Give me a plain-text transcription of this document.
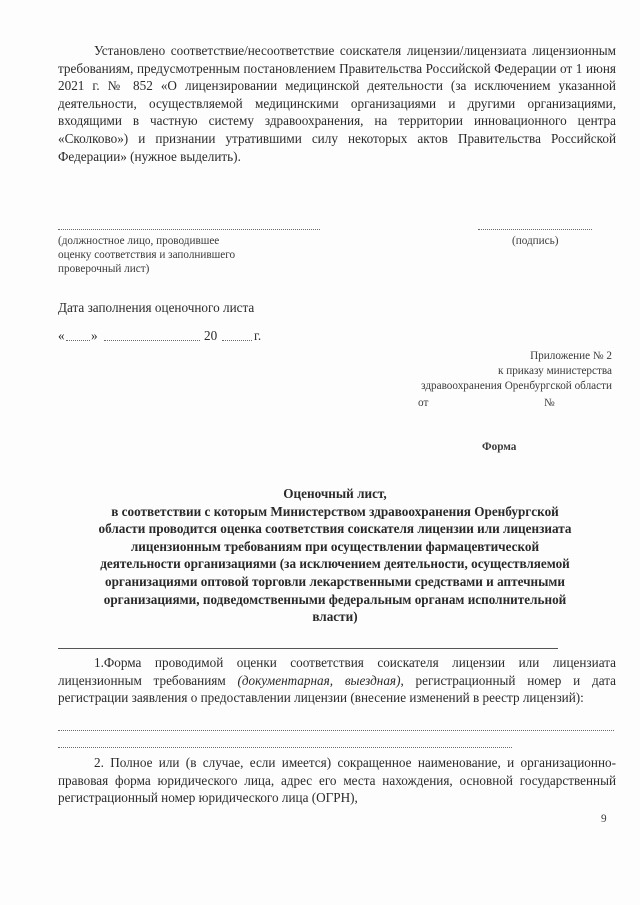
Установлено соответствие/несоответствие соискателя лицензии/лицензиата лицензионным требованиям, предусмотренным постановлением Правительства Российской Федерации от 1 июня 2021 г. № 852 «О лицензировании медицинской деятельности (за исключением указанной деятельности, осуществляемой медицинскими организациями и другими организациями, входящими в частную систему здравоохранения, на территории инновационного центра «Сколково») и признании утратившими силу некоторых актов Правительства Российской Федерации» (нужное выделить).
(должностное лицо, проводившее
оценку соответствия и заполнившего
проверочный лист)
(подпись)
Дата заполнения оценочного листа
«	»	20	г.
Приложение № 2
к приказу министерства
здравоохранения Оренбургской области
от	№
Форма
Оценочный лист,
в соответствии с которым Министерством здравоохранения Оренбургской
области проводится оценка соответствия соискателя лицензии или лицензиата
лицензионным требованиям при осуществлении фармацевтической
деятельности организациями (за исключением деятельности, осуществляемой
организациями оптовой торговли лекарственными средствами и аптечными
организациями, подведомственными федеральным органам исполнительной
власти)
1.Форма проводимой оценки соответствия соискателя лицензии или лицензиата лицензионным требованиям (документарная, выездная), регистрационный номер и дата регистрации заявления о предоставлении лицензии (внесение изменений в реестр лицензий):
2. Полное или (в случае, если имеется) сокращенное наименование, и организационно-правовая форма юридического лица, адрес его места нахождения, основной государственный регистрационный номер юридического лица (ОГРН),
9
